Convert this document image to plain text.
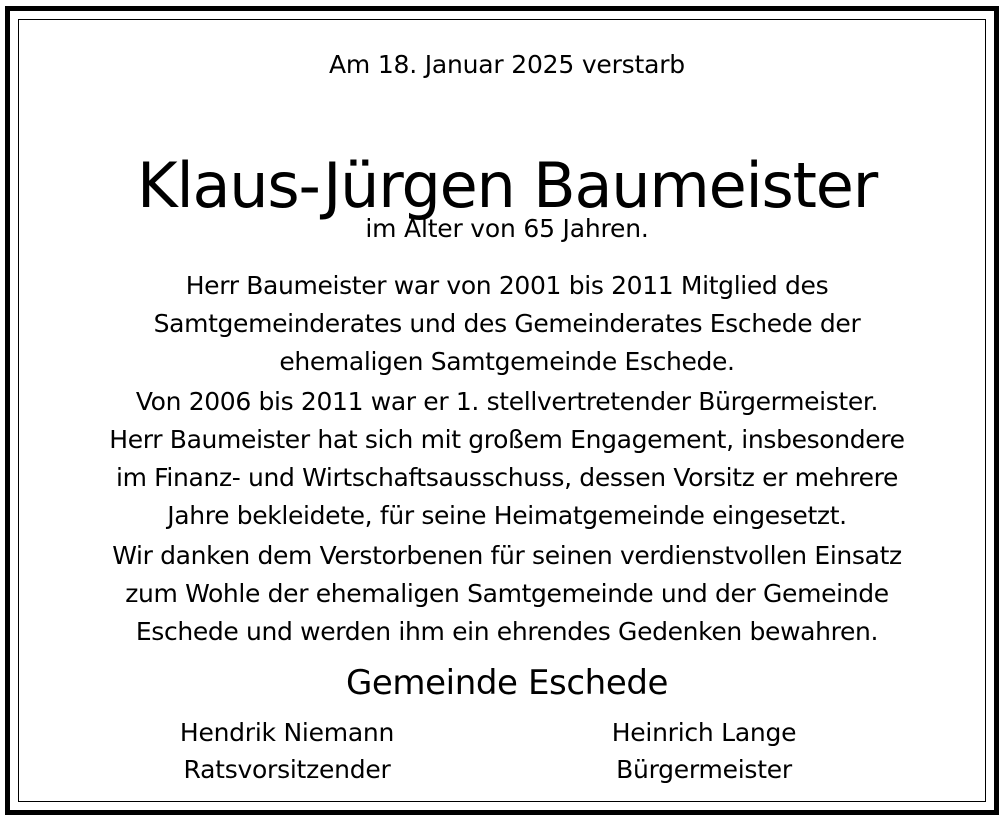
Am 18. Januar 2025 verstarb
Klaus-Jürgen Baumeister
im Alter von 65 Jahren.
Herr Baumeister war von 2001 bis 2011 Mitglied des
Samtgemeinderates und des Gemeinderates Eschede der
ehemaligen Samtgemeinde Eschede.
Von 2006 bis 2011 war er 1. stellvertretender Bürgermeister.
Herr Baumeister hat sich mit großem Engagement, insbesondere
im Finanz- und Wirtschaftsausschuss, dessen Vorsitz er mehrere
Jahre bekleidete, für seine Heimatgemeinde eingesetzt.
Wir danken dem Verstorbenen für seinen verdienstvollen Einsatz
zum Wohle der ehemaligen Samtgemeinde und der Gemeinde
Eschede und werden ihm ein ehrendes Gedenken bewahren.
Gemeinde Eschede
Hendrik Niemann
Ratsvorsitzender
Heinrich Lange
Bürgermeister
